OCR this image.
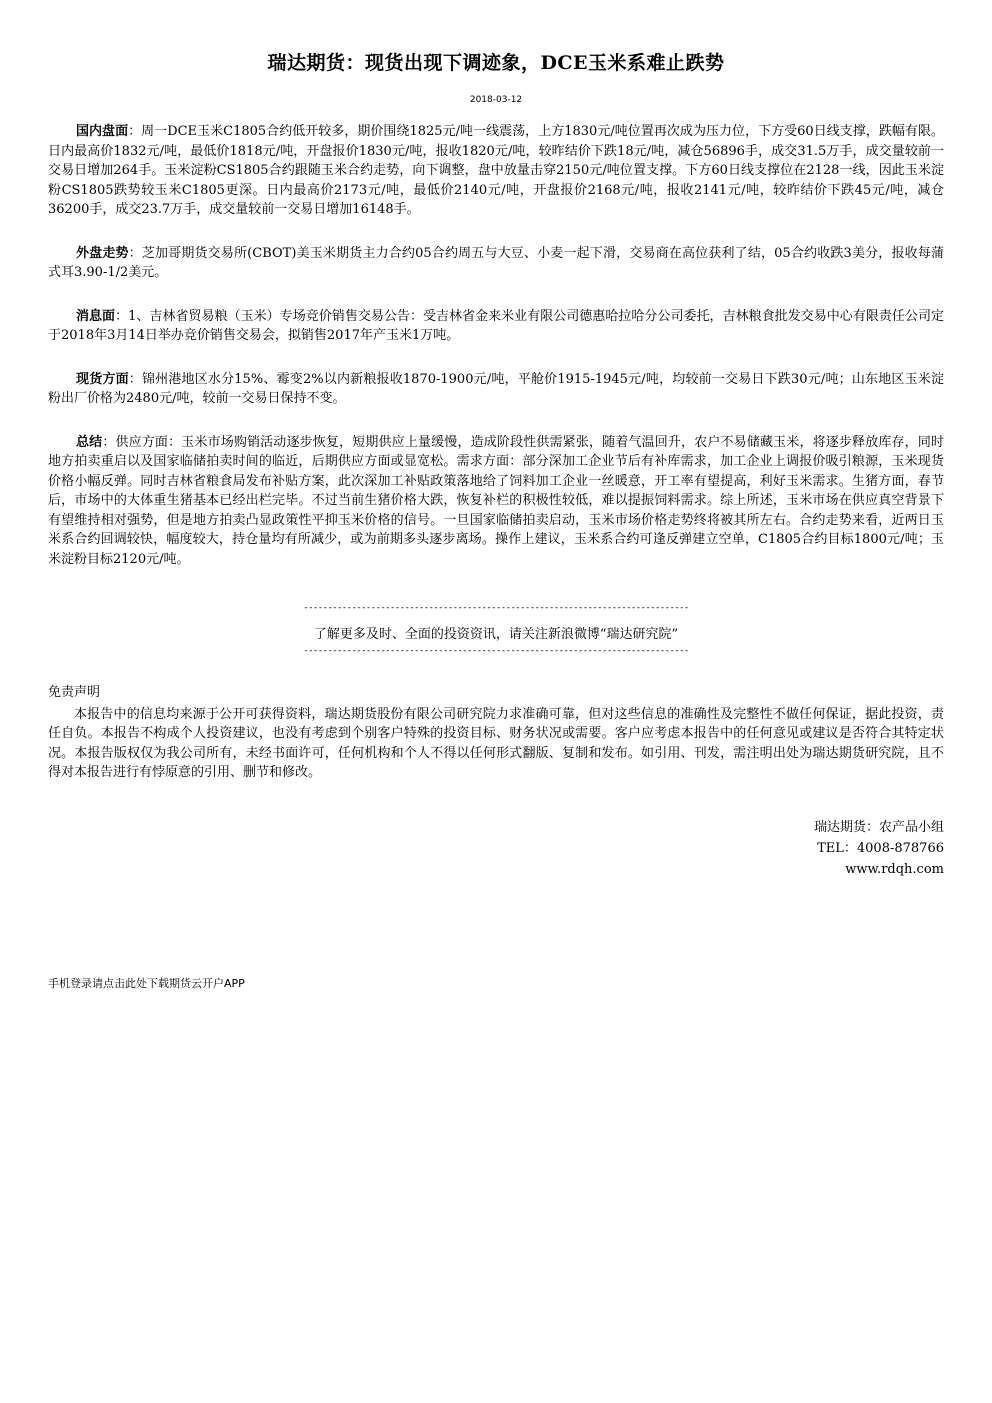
瑞达期货：现货出现下调迹象，DCE玉米系难止跌势
2018-03-12

国内盘面：周一DCE玉米C1805合约低开较多，期价围绕1825元/吨一线震荡，上方1830元/吨位置再次成为压力位，下方受60日线支撑，跌幅有限。日内最高价1832元/吨，最低价1818元/吨，开盘报价1830元/吨，报收1820元/吨，较昨结价下跌18元/吨，减仓56896手，成交31.5万手，成交量较前一交易日增加264手。玉米淀粉CS1805合约跟随玉米合约走势，向下调整，盘中放量击穿2150元/吨位置支撑。下方60日线支撑位在2128一线，因此玉米淀粉CS1805跌势较玉米C1805更深。日内最高价2173元/吨，最低价2140元/吨，开盘报价2168元/吨，报收2141元/吨，较昨结价下跌45元/吨，减仓36200手，成交23.7万手，成交量较前一交易日增加16148手。

外盘走势：芝加哥期货交易所(CBOT)美玉米期货主力合约05合约周五与大豆、小麦一起下滑，交易商在高位获利了结，05合约收跌3美分，报收每蒲式耳3.90-1/2美元。

消息面：1、吉林省贸易粮（玉米）专场竞价销售交易公告：受吉林省金来米业有限公司德惠哈拉哈分公司委托，吉林粮食批发交易中心有限责任公司定于2018年3月14日举办竞价销售交易会，拟销售2017年产玉米1万吨。

现货方面：锦州港地区水分15%、霉变2%以内新粮报收1870-1900元/吨，平舱价1915-1945元/吨，均较前一交易日下跌30元/吨；山东地区玉米淀粉出厂价格为2480元/吨，较前一交易日保持不变。

总结：供应方面：玉米市场购销活动逐步恢复，短期供应上量缓慢，造成阶段性供需紧张，随着气温回升，农户不易储藏玉米，将逐步释放库存，同时地方拍卖重启以及国家临储拍卖时间的临近，后期供应方面或显宽松。需求方面：部分深加工企业节后有补库需求，加工企业上调报价吸引粮源，玉米现货价格小幅反弹。同时吉林省粮食局发布补贴方案，此次深加工补贴政策落地给了饲料加工企业一丝暖意，开工率有望提高，利好玉米需求。生猪方面，春节后，市场中的大体重生猪基本已经出栏完毕。不过当前生猪价格大跌，恢复补栏的积极性较低，难以提振饲料需求。综上所述，玉米市场在供应真空背景下有望维持相对强势，但是地方拍卖凸显政策性平抑玉米价格的信号。一旦国家临储拍卖启动，玉米市场价格走势终将被其所左右。合约走势来看，近两日玉米系合约回调较快，幅度较大，持仓量均有所减少，或为前期多头逐步离场。操作上建议，玉米系合约可逢反弹建立空单，C1805合约目标1800元/吨；玉米淀粉目标2120元/吨。

--------------------------------------------------------------------------------
了解更多及时、全面的投资资讯，请关注新浪微博“瑞达研究院”
--------------------------------------------------------------------------------

免责声明

本报告中的信息均来源于公开可获得资料，瑞达期货股份有限公司研究院力求准确可靠，但对这些信息的准确性及完整性不做任何保证，据此投资，责任自负。本报告不构成个人投资建议，也没有考虑到个别客户特殊的投资目标、财务状况或需要。客户应考虑本报告中的任何意见或建议是否符合其特定状况。本报告版权仅为我公司所有，未经书面许可，任何机构和个人不得以任何形式翻版、复制和发布。如引用、刊发，需注明出处为瑞达期货研究院，且不得对本报告进行有悖原意的引用、删节和修改。

瑞达期货：农产品小组
TEL：4008-878766
www.rdqh.com
手机登录请点击此处下载期货云开户APP
